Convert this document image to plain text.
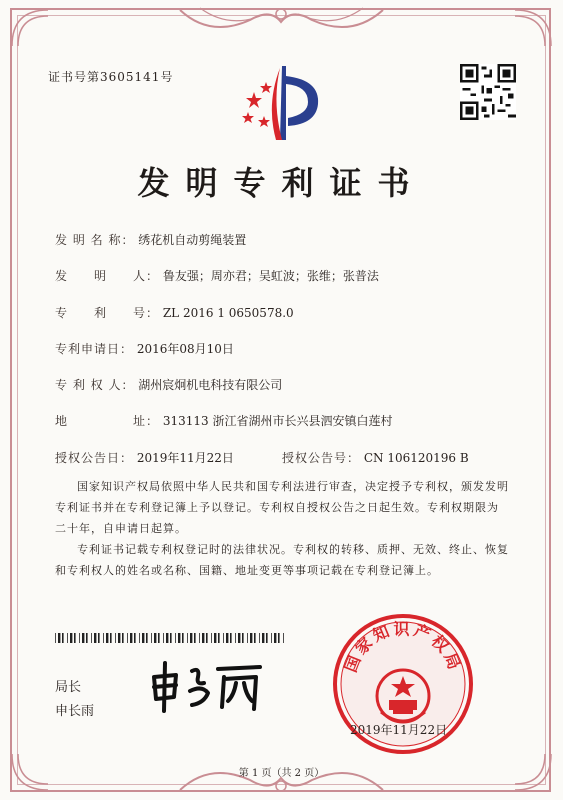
证书号第3605141号
发明专利证书
发 明 名 称： 绣花机自动剪绳装置
发　　明　　人： 鲁友强；周亦君；吴虹波；张维；张普法
专　　利　　号： ZL 2016 1 0650578.0
专利申请日： 2016年08月10日
专 利 权 人： 湖州宸炯机电科技有限公司
地　　　　　址： 313113 浙江省湖州市长兴县泗安镇白莲村
授权公告日： 2019年11月22日	授权公告号： CN 106120196 B
国家知识产权局依照中华人民共和国专利法进行审查，决定授予专利权，颁发发明专利证书并在专利登记簿上予以登记。专利权自授权公告之日起生效。专利权期限为二十年，自申请日起算。
专利证书记载专利权登记时的法律状况。专利权的转移、质押、无效、终止、恢复和专利权人的姓名或名称、国籍、地址变更等事项记载在专利登记簿上。
局长
申长雨
国家知识产权局
2019年11月22日
第 1 页（共 2 页）
